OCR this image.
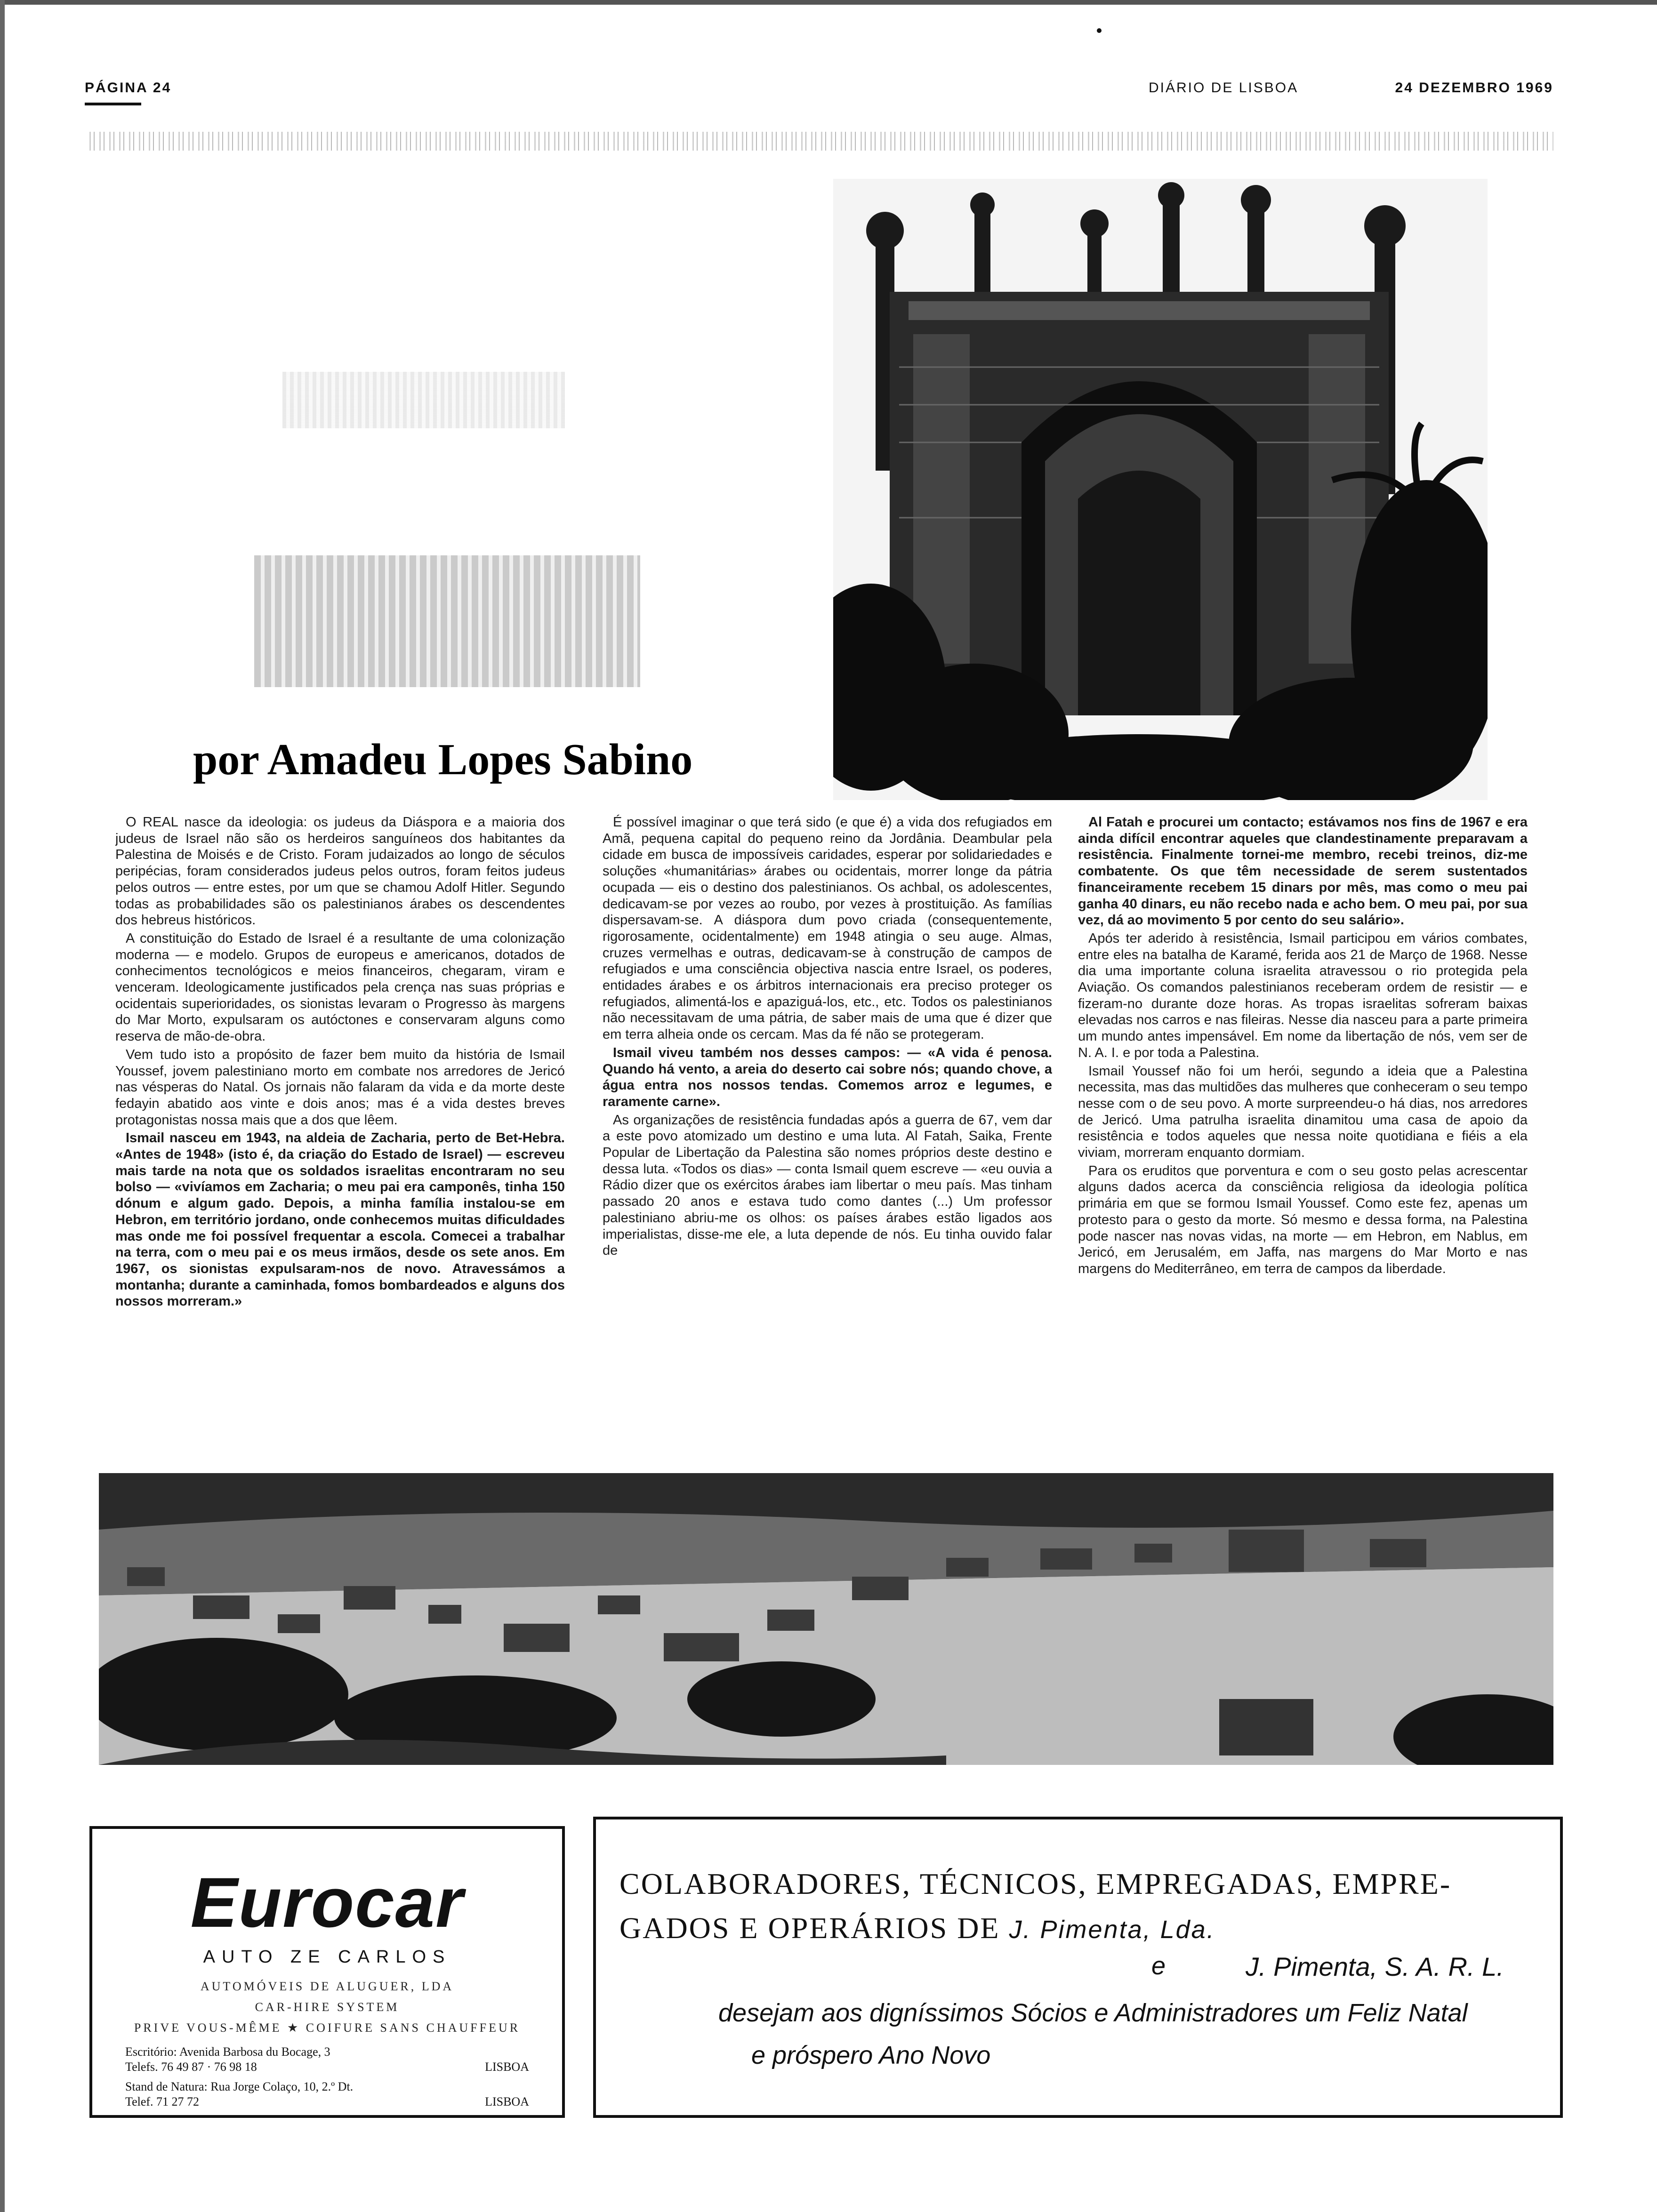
PÁGINA 24	DIÁRIO DE LISBOA	24 DEZEMBRO 1969
por Amadeu Lopes Sabino

O REAL nasce da ideologia: os judeus da Diáspora e a maioria dos judeus de Israel não são os herdeiros sanguíneos dos habitantes da Palestina de Moisés e de Cristo. Foram judaizados ao longo de séculos peripécias, foram considerados judeus pelos outros, foram feitos judeus pelos outros — entre estes, por um que se chamou Adolf Hitler. Segundo todas as probabilidades são os palestinianos árabes os descendentes dos hebreus históricos.

A constituição do Estado de Israel é a resultante de uma colonização moderna — e modelo. Grupos de europeus e americanos, dotados de conhecimentos tecnológicos e meios financeiros, chegaram, viram e venceram. Ideologicamente justificados pela crença nas suas próprias e ocidentais superioridades, os sionistas levaram o Progresso às margens do Mar Morto, expulsaram os autóctones e conservaram alguns como reserva de mão-de-obra.

Vem tudo isto a propósito de fazer bem muito da história de Ismail Youssef, jovem palestiniano morto em combate nos arredores de Jericó nas vésperas do Natal. Os jornais não falaram da vida e da morte deste fedayin abatido aos vinte e dois anos; mas é a vida destes breves protagonistas nossa mais que a dos que lêem.

Ismail nasceu em 1943, na aldeia de Zacharia, perto de Bet-Hebra. «Antes de 1948» (isto é, da criação do Estado de Israel) — escreveu mais tarde na nota que os soldados israelitas encontraram no seu bolso — «vivíamos em Zacharia; o meu pai era camponês, tinha 150 dónum e algum gado. Depois, a minha família instalou-se em Hebron, em território jordano, onde conhecemos muitas dificuldades mas onde me foi possível frequentar a escola. Comecei a trabalhar na terra, com o meu pai e os meus irmãos, desde os sete anos. Em 1967, os sionistas expulsaram-nos de novo. Atravessámos a montanha; durante a caminhada, fomos bombardeados e alguns dos nossos morreram.»

É possível imaginar o que terá sido (e que é) a vida dos refugiados em Amã, pequena capital do pequeno reino da Jordânia. Deambular pela cidade em busca de impossíveis caridades, esperar por solidariedades e soluções «humanitárias» árabes ou ocidentais, morrer longe da pátria ocupada — eis o destino dos palestinianos. Os achbal, os adolescentes, dedicavam-se por vezes ao roubo, por vezes à prostituição. As famílias dispersavam-se. A diáspora dum povo criada (consequentemente, rigorosamente, ocidentalmente) em 1948 atingia o seu auge. Almas, cruzes vermelhas e outras, dedicavam-se à construção de campos de refugiados e uma consciência objectiva nascia entre Israel, os poderes, entidades árabes e os árbitros internacionais era preciso proteger os refugiados, alimentá-los e apaziguá-los, etc., etc. Todos os palestinianos não necessitavam de uma pátria, de saber mais de uma que é dizer que em terra alheia onde os cercam. Mas da fé não se protegeram.

Ismail viveu também nos desses campos: — «A vida é penosa. Quando há vento, a areia do deserto cai sobre nós; quando chove, a água entra nos nossos tendas. Comemos arroz e legumes, e raramente carne».

As organizações de resistência fundadas após a guerra de 67, vem dar a este povo atomizado um destino e uma luta. Al Fatah, Saika, Frente Popular de Libertação da Palestina são nomes próprios deste destino e dessa luta. «Todos os dias» — conta Ismail quem escreve — «eu ouvia a Rádio dizer que os exércitos árabes iam libertar o meu país. Mas tinham passado 20 anos e estava tudo como dantes (...) Um professor palestiniano abriu-me os olhos: os países árabes estão ligados aos imperialistas, disse-me ele, a luta depende de nós. Eu tinha ouvido falar de

Al Fatah e procurei um contacto; estávamos nos fins de 1967 e era ainda difícil encontrar aqueles que clandestinamente preparavam a resistência. Finalmente tornei-me membro, recebi treinos, diz-me combatente. Os que têm necessidade de serem sustentados financeiramente recebem 15 dinars por mês, mas como o meu pai ganha 40 dinars, eu não recebo nada e acho bem. O meu pai, por sua vez, dá ao movimento 5 por cento do seu salário».

Após ter aderido à resistência, Ismail participou em vários combates, entre eles na batalha de Karamé, ferida aos 21 de Março de 1968. Nesse dia uma importante coluna israelita atravessou o rio protegida pela Aviação. Os comandos palestinianos receberam ordem de resistir — e fizeram-no durante doze horas. As tropas israelitas sofreram baixas elevadas nos carros e nas fileiras. Nesse dia nasceu para a parte primeira um mundo antes impensável. Em nome da libertação de nós, vem ser de N. A. I. e por toda a Palestina.

Ismail Youssef não foi um herói, segundo a ideia que a Palestina necessita, mas das multidões das mulheres que conheceram o seu tempo nesse com o de seu povo. A morte surpreendeu-o há dias, nos arredores de Jericó. Uma patrulha israelita dinamitou uma casa de apoio da resistência e todos aqueles que nessa noite quotidiana e fiéis a ela viviam, morreram enquanto dormiam.

Para os eruditos que porventura e com o seu gosto pelas acrescentar alguns dados acerca da consciência religiosa da ideologia política primária em que se formou Ismail Youssef. Como este fez, apenas um protesto para o gesto da morte. Só mesmo e dessa forma, na Palestina pode nascer nas novas vidas, na morte — em Hebron, em Nablus, em Jericó, em Jerusalém, em Jaffa, nas margens do Mar Morto e nas margens do Mediterrâneo, em terra de campos da liberdade.

Eurocar
AUTO ZE CARLOS
AUTOMÓVEIS DE ALUGUER, LDA
CAR-HIRE SYSTEM
PRIVE VOUS-MÊME ★ COIFURE SANS CHAUFFEUR
Escritório: Avenida Barbosa du Bocage, 3
Telefs. 76 49 87 · 76 98 18	LISBOA
Stand de Natura: Rua Jorge Colaço, 10, 2.º Dt.
Telef. 71 27 72	LISBOA
COLABORADORES, TÉCNICOS, EMPREGADAS, EMPRE-
GADOS E OPERÁRIOS DE J. Pimenta, Lda.
e	J. Pimenta, S. A. R. L.
desejam aos digníssimos Sócios e Administradores um Feliz Natal
e próspero Ano Novo
